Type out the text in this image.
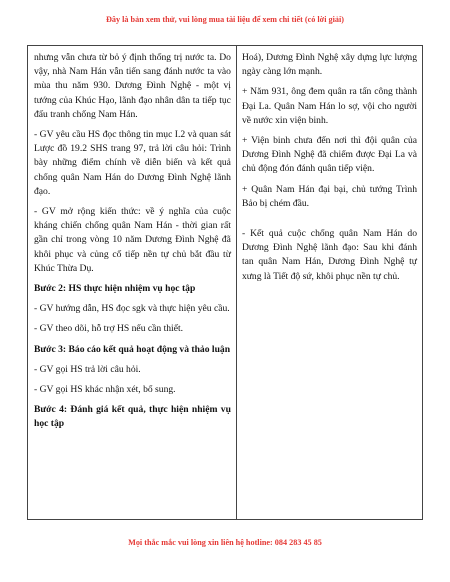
Đây là bản xem thử, vui lòng mua tài liệu để xem chi tiết (có lời giải)

nhưng vẫn chưa từ bỏ ý định thống trị nước ta. Do vậy, nhà Nam Hán vẫn tiến sang đánh nước ta vào mùa thu năm 930. Dương Đình Nghệ - một vị tướng của Khúc Hạo, lãnh đạo nhân dân ta tiếp tục đấu tranh chống Nam Hán.

- GV yêu cầu HS đọc thông tin mục I.2 và quan sát Lược đồ 19.2 SHS trang 97, trả lời câu hỏi: Trình bày những điểm chính về diễn biến và kết quả chống quân Nam Hán do Dương Đình Nghệ lãnh đạo.

- GV mở rộng kiến thức: về ý nghĩa của cuộc kháng chiến chống quân Nam Hán - thời gian rất gần chỉ trong vòng 10 năm Dương Đình Nghệ đã khôi phục và củng cố tiếp nền tự chủ bắt đầu từ Khúc Thừa Dụ.

Bước 2: HS thực hiện nhiệm vụ học tập

- GV hướng dẫn, HS đọc sgk và thực hiện yêu cầu.

- GV theo dõi, hỗ trợ HS nếu cần thiết.

Bước 3: Báo cáo kết quả hoạt động và thảo luận

- GV gọi HS trả lời câu hỏi.

- GV gọi HS khác nhận xét, bổ sung.

Bước 4: Đánh giá kết quả, thực hiện nhiệm vụ học tập

Hoá), Dương Đình Nghệ xây dựng lực lượng ngày càng lớn mạnh.

+ Năm 931, ông đem quân ra tấn công thành Đại La. Quân Nam Hán lo sợ, vội cho người về nước xin viện binh.

+ Viện binh chưa đến nơi thì đội quân của Dương Đình Nghệ đã chiếm được Đại La và chủ động đón đánh quân tiếp viện.

+ Quân Nam Hán đại bại, chủ tướng Trình Bảo bị chém đầu.

- Kết quả cuộc chống quân Nam Hán do Dương Đình Nghệ lãnh đạo: Sau khi đánh tan quân Nam Hán, Dương Đình Nghệ tự xưng là Tiết độ sứ, khôi phục nền tự chủ.

Mọi thắc mắc vui lòng xin liên hệ hotline: 084 283 45 85
